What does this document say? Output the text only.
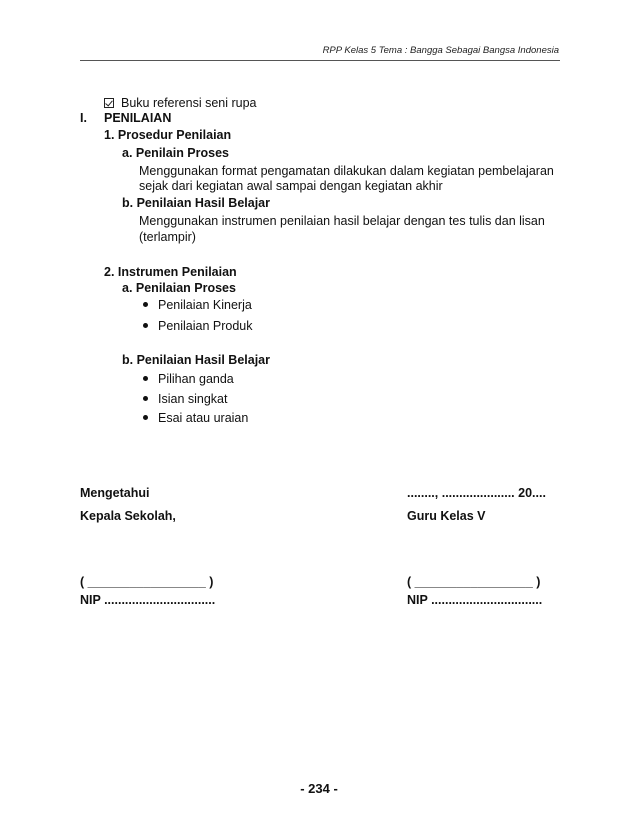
RPP Kelas 5 Tema : Bangga Sebagai Bangsa Indonesia
Buku referensi seni rupa
I. PENILAIAN
1. Prosedur Penilaian
a. Penilain Proses
Menggunakan format pengamatan dilakukan dalam kegiatan pembelajaran
sejak dari kegiatan awal sampai dengan kegiatan akhir
b. Penilaian Hasil Belajar
Menggunakan instrumen penilaian hasil belajar dengan tes tulis dan lisan
(terlampir)
2. Instrumen Penilaian
a. Penilaian Proses
Penilaian Kinerja
Penilaian Produk
b. Penilaian Hasil Belajar
Pilihan ganda
Isian singkat
Esai atau uraian
Mengetahui
Kepala Sekolah,
( _________________ )
NIP ................................
........, ..................... 20....
Guru Kelas V
( _________________ )
NIP ................................
- 234 -
